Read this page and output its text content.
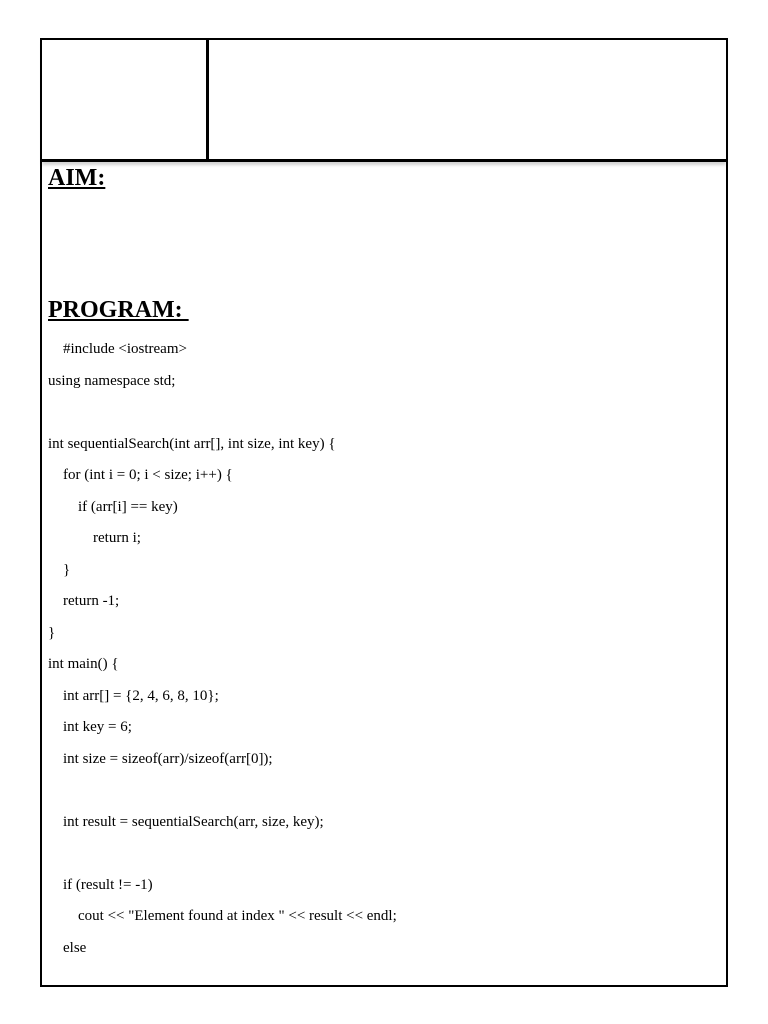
AIM:
PROGRAM:
#include <iostream>
using namespace std;
int sequentialSearch(int arr[], int size, int key) {
for (int i = 0; i < size; i++) {
if (arr[i] == key)
return i;
}
return -1;
}
int main() {
int arr[] = {2, 4, 6, 8, 10};
int key = 6;
int size = sizeof(arr)/sizeof(arr[0]);
int result = sequentialSearch(arr, size, key);
if (result != -1)
cout << "Element found at index " << result << endl;
else
